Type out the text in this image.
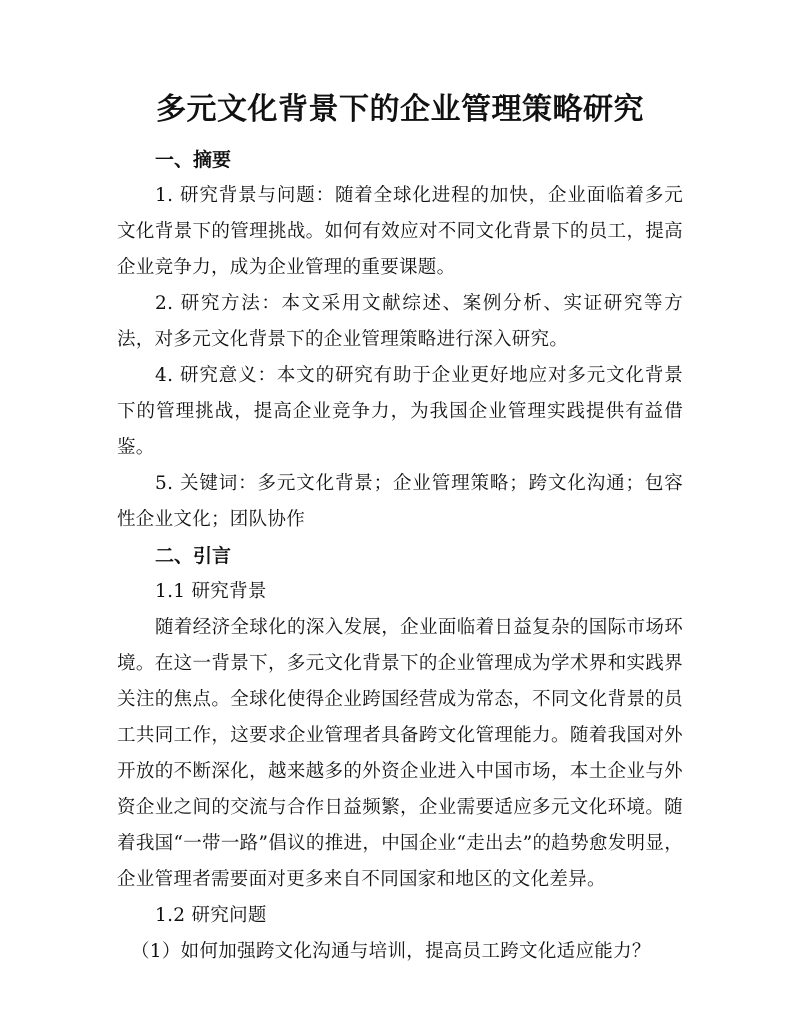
多元文化背景下的企业管理策略研究
一、摘要

1. 研究背景与问题：随着全球化进程的加快，企业面临着多元文化背景下的管理挑战。如何有效应对不同文化背景下的员工，提高企业竞争力，成为企业管理的重要课题。

2. 研究方法：本文采用文献综述、案例分析、实证研究等方法，对多元文化背景下的企业管理策略进行深入研究。

4. 研究意义：本文的研究有助于企业更好地应对多元文化背景下的管理挑战，提高企业竞争力，为我国企业管理实践提供有益借鉴。

5. 关键词：多元文化背景；企业管理策略；跨文化沟通；包容性企业文化；团队协作

二、引言

1.1 研究背景

随着经济全球化的深入发展，企业面临着日益复杂的国际市场环境。在这一背景下，多元文化背景下的企业管理成为学术界和实践界关注的焦点。全球化使得企业跨国经营成为常态，不同文化背景的员工共同工作，这要求企业管理者具备跨文化管理能力。随着我国对外开放的不断深化，越来越多的外资企业进入中国市场，本土企业与外资企业之间的交流与合作日益频繁，企业需要适应多元文化环境。随着我国“一带一路”倡议的推进，中国企业“走出去”的趋势愈发明显，企业管理者需要面对更多来自不同国家和地区的文化差异。

1.2 研究问题

（1）如何加强跨文化沟通与培训，提高员工跨文化适应能力？
